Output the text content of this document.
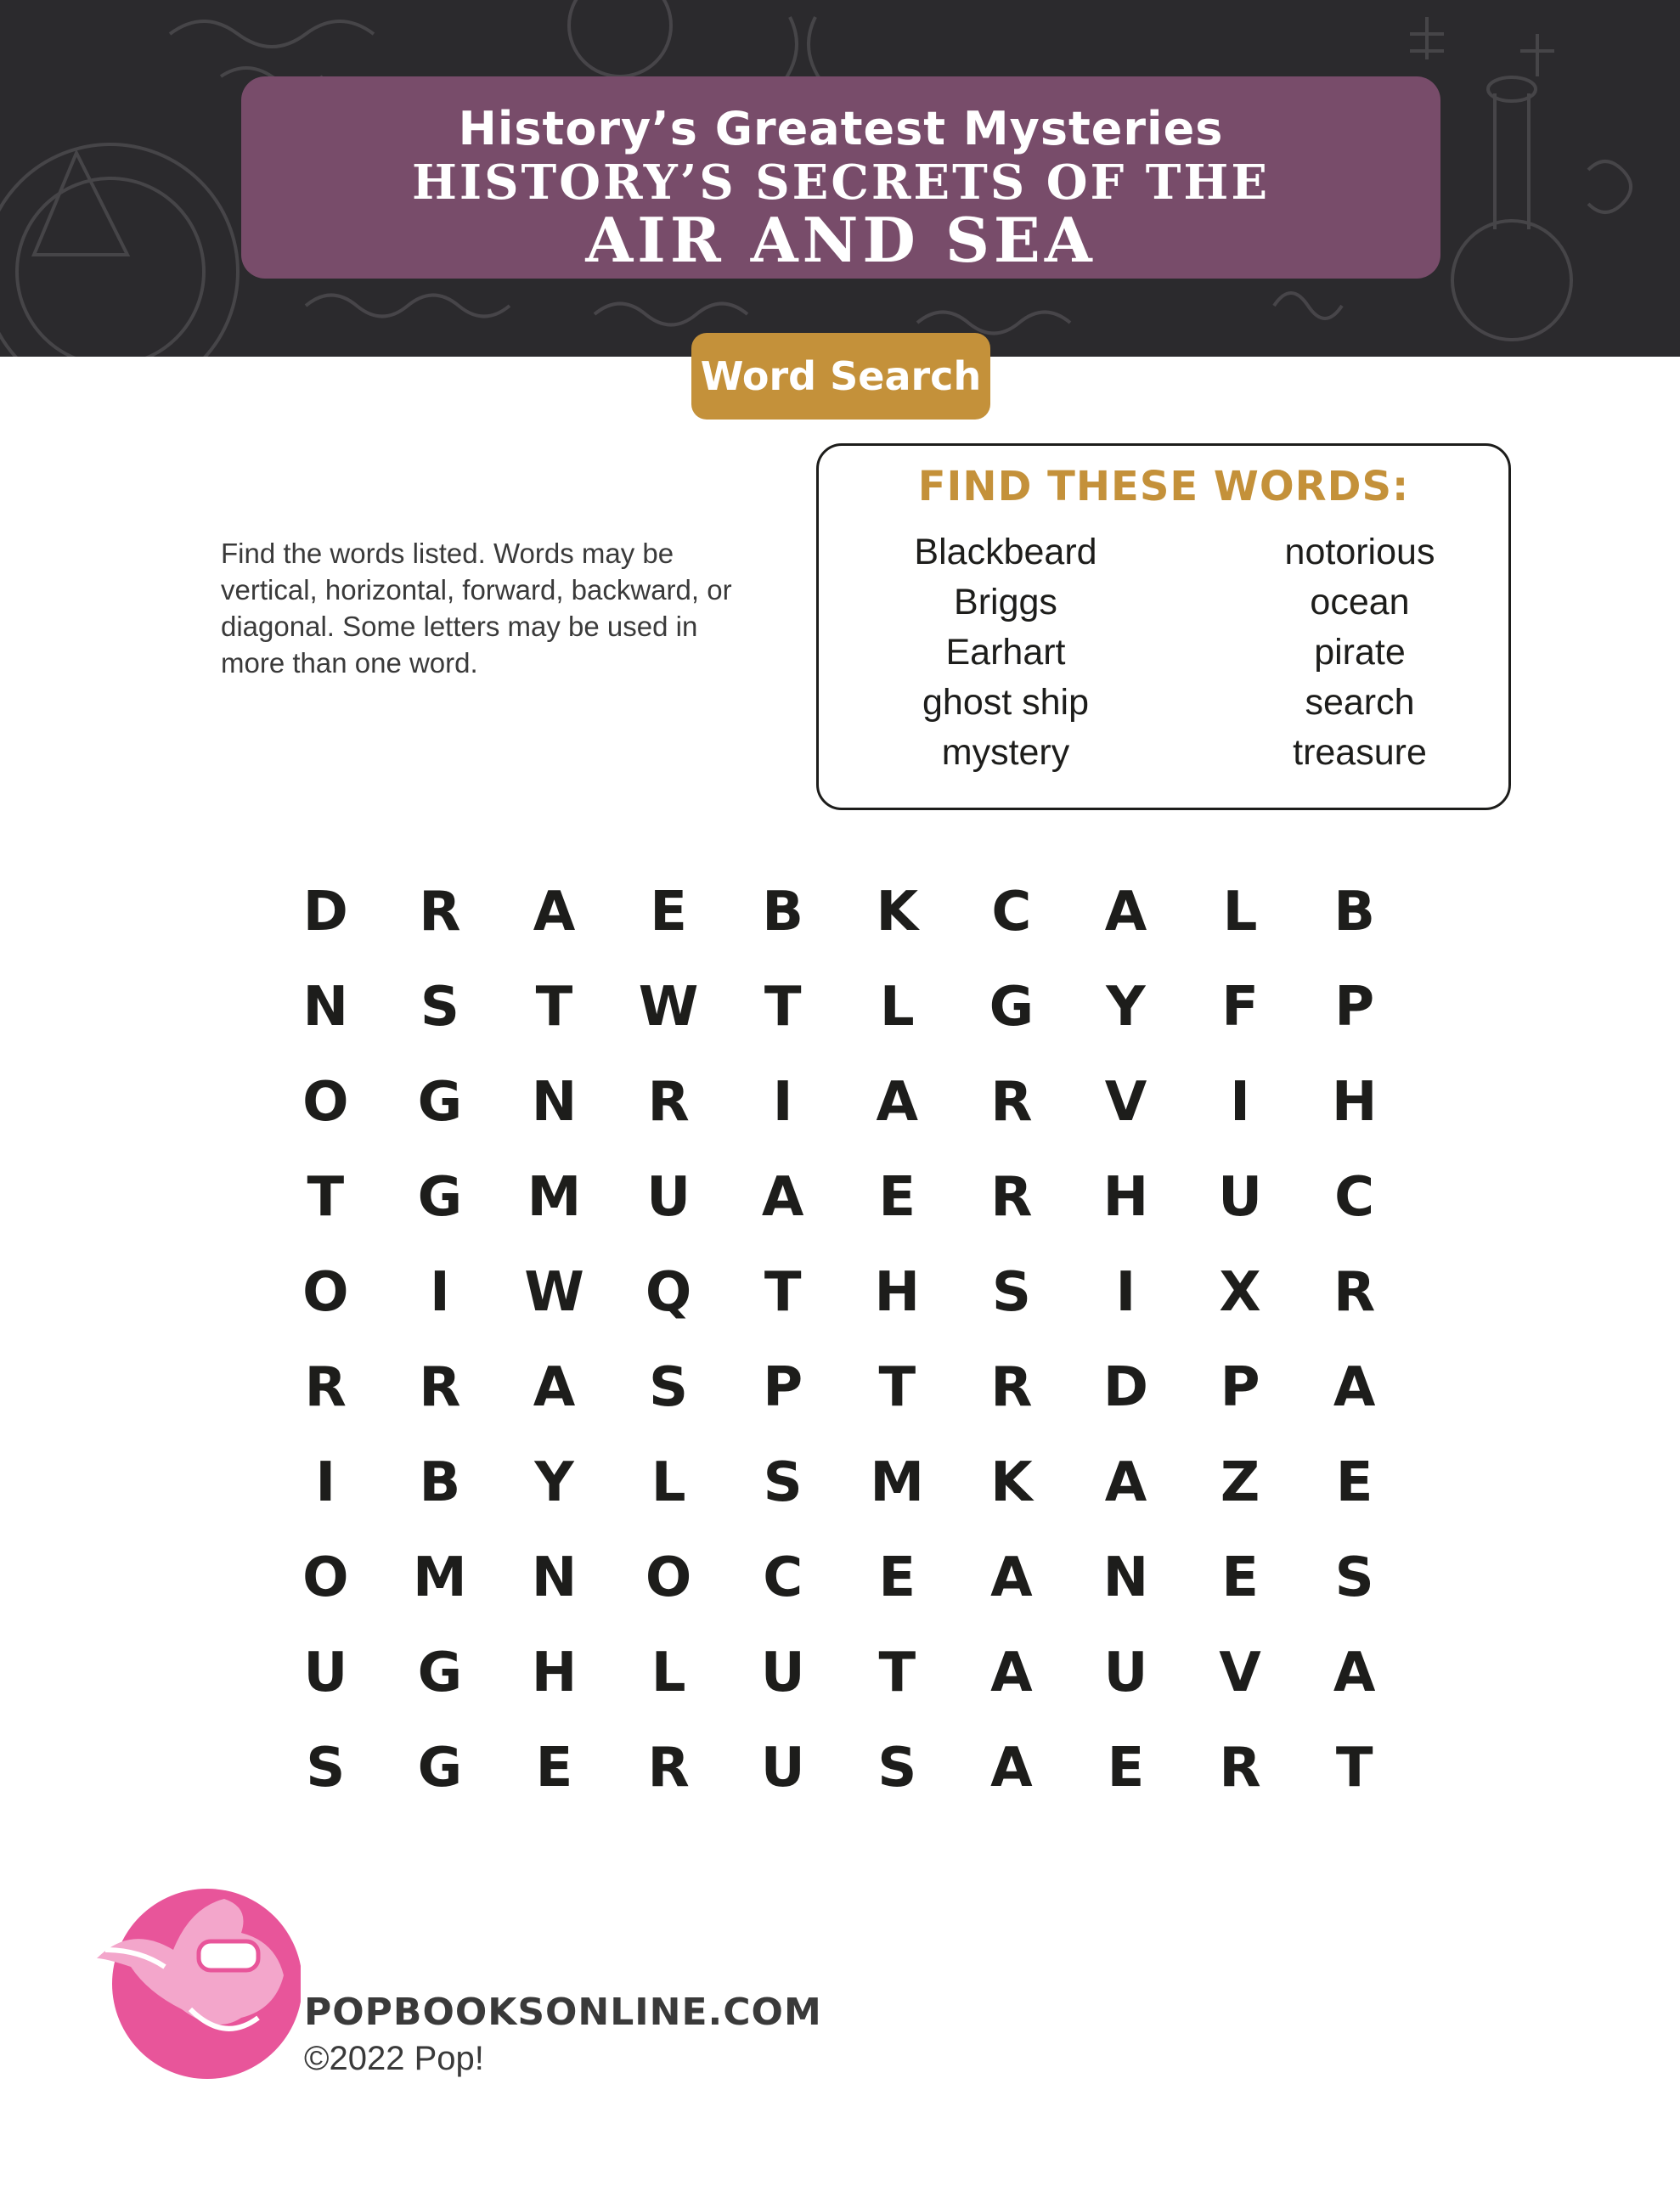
History’s Greatest Mysteries
HISTORY’S SECRETS OF THE
AIR AND SEA
Word Search
Find the words listed. Words may be vertical, horizontal, forward, backward, or diagonal. Some letters may be used in more than one word.
FIND THESE WORDS:
Blackbeard
Briggs
Earhart
ghost ship
mystery
notorious
ocean
pirate
search
treasure
D	R	A	E	B	K	C	A	L	B
N	S	T	W	T	L	G	Y	F	P
O	G	N	R	I	A	R	V	I	H
T	G	M	U	A	E	R	H	U	C
O	I	W	Q	T	H	S	I	X	R
R	R	A	S	P	T	R	D	P	A
I	B	Y	L	S	M	K	A	Z	E
O	M	N	O	C	E	A	N	E	S
U	G	H	L	U	T	A	U	V	A
S	G	E	R	U	S	A	E	R	T
POPBOOKSONLINE.COM
©2022 Pop!
